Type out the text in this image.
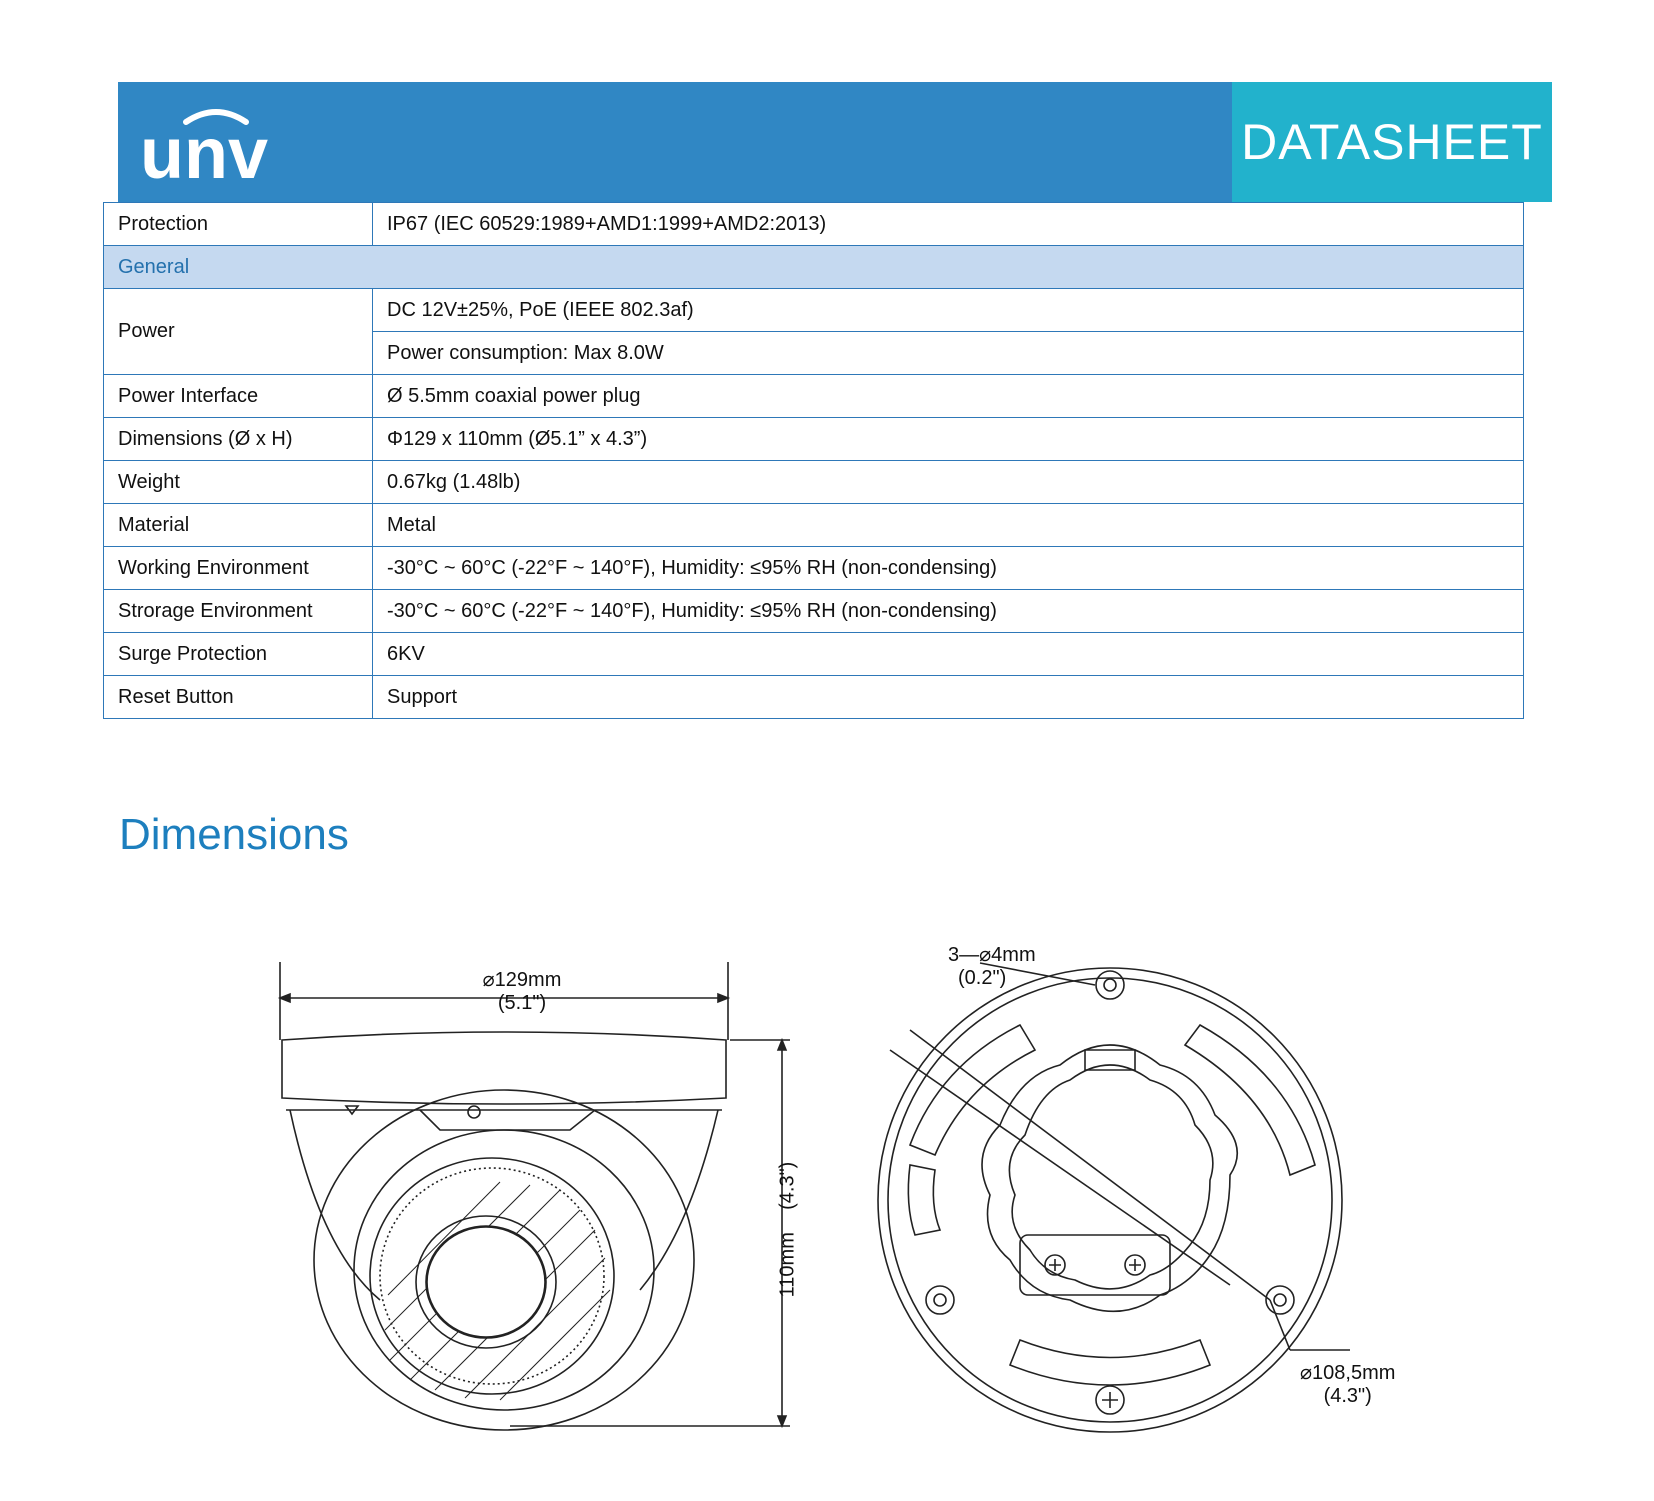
unv	DATASHEET
Protection	IP67 (IEC 60529:1989+AMD1:1999+AMD2:2013)
General	
Power	DC 12V±25%, PoE (IEEE 802.3af)
	Power consumption: Max 8.0W
Power Interface	Ø 5.5mm coaxial power plug
Dimensions (Ø x H)	Φ129 x 110mm (Ø5.1” x 4.3”)
Weight	0.67kg (1.48lb)
Material	Metal
Working Environment	-30°C ~ 60°C (-22°F ~ 140°F), Humidity: ≤95% RH (non-condensing)
Strorage Environment	-30°C ~ 60°C (-22°F ~ 140°F), Humidity: ≤95% RH (non-condensing)
Surge Protection	6KV
Reset Button	Support
Dimensions
⌀129mm
(5.1")
110mm    (4.3")
3—⌀4mm
(0.2")
⌀108,5mm
(4.3")
